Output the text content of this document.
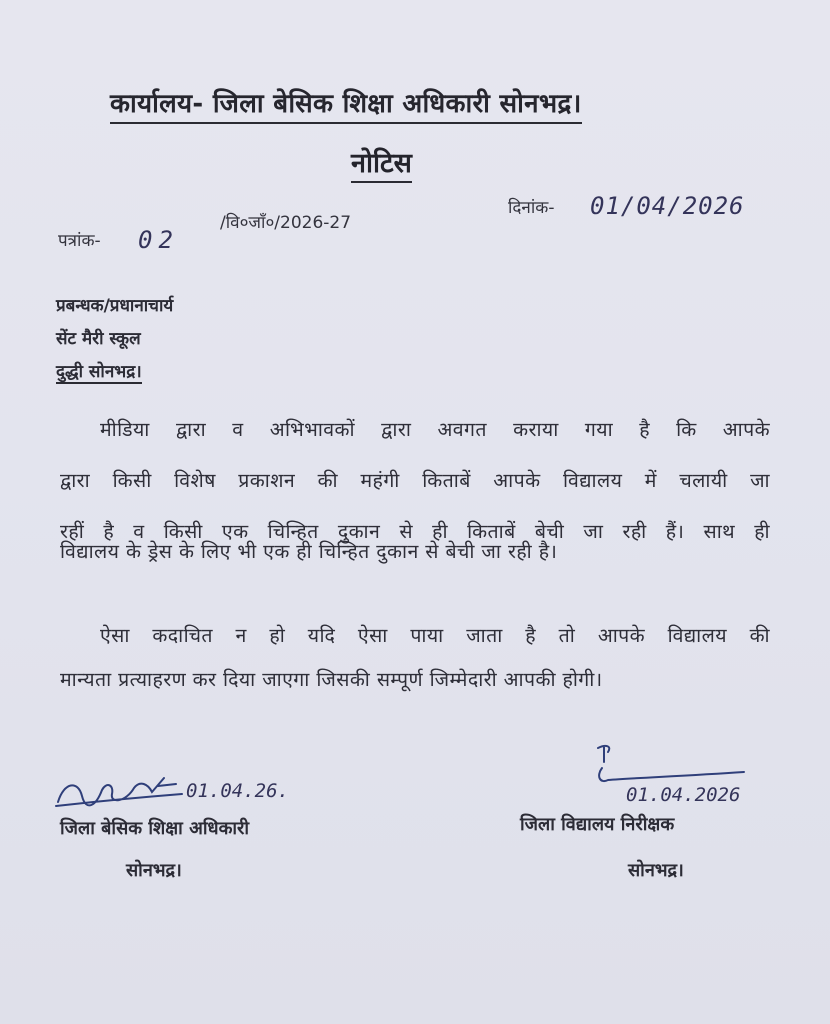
कार्यालय- जिला बेसिक शिक्षा अधिकारी सोनभद्र।
नोटिस
पत्रांक- 02
/वि०जाँ०/2026-27
दिनांक- 01/04/2026
प्रबन्धक/प्रधानाचार्य
सेंट मैरी स्कूल
दुद्धी सोनभद्र।
मीडिया द्वारा व अभिभावकों द्वारा अवगत कराया गया है कि आपके
द्वारा किसी विशेष प्रकाशन की महंगी किताबें आपके विद्यालय में चलायी जा
रहीं है व किसी एक चिन्हित दुकान से ही किताबें बेची जा रही हैं। साथ ही
विद्यालय के ड्रेस के लिए भी एक ही चिन्हित दुकान से बेची जा रही है।
ऐसा कदाचित न हो यदि ऐसा पाया जाता है तो आपके विद्यालय की
मान्यता प्रत्याहरण कर दिया जाएगा जिसकी सम्पूर्ण जिम्मेदारी आपकी होगी।
01.04.26.
जिला बेसिक शिक्षा अधिकारी
सोनभद्र।
01.04.2026
जिला विद्यालय निरीक्षक
सोनभद्र।
